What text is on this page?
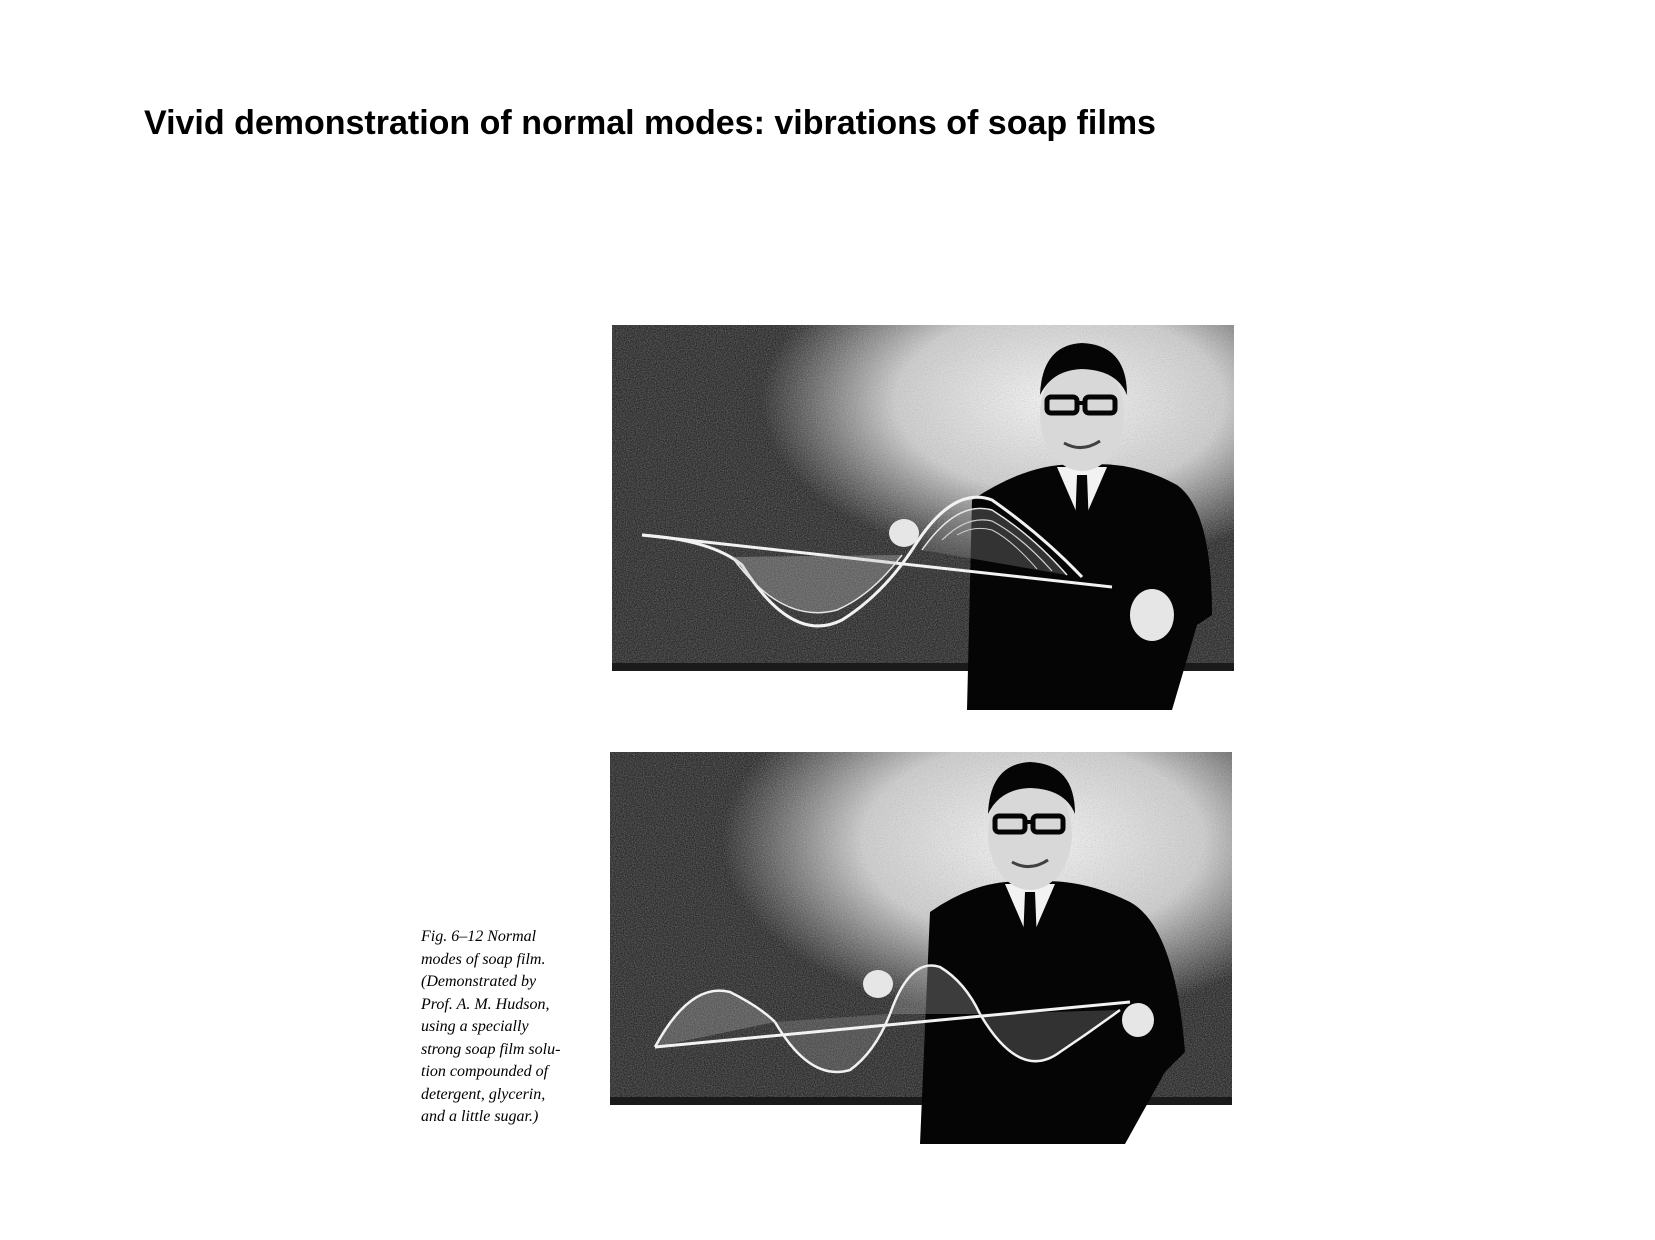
Vivid demonstration of normal modes: vibrations of soap films

Fig. 6–12 Normal
modes of soap film.
(Demonstrated by
Prof. A. M. Hudson,
using a specially
strong soap film solu-
tion compounded of
detergent, glycerin,
and a little sugar.)
